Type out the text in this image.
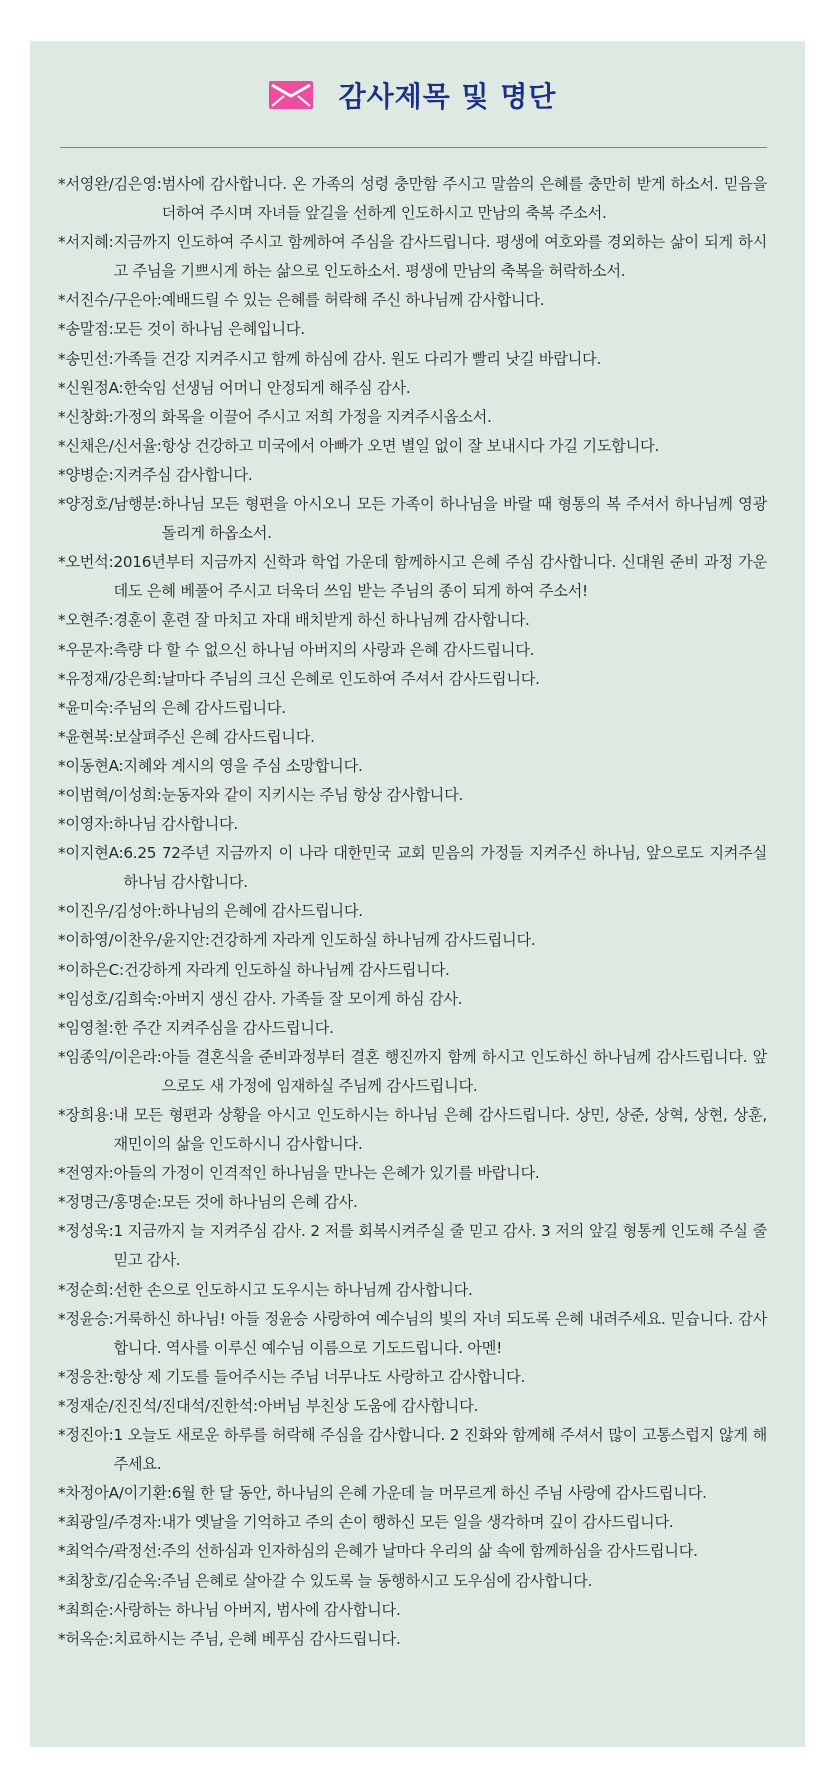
감사제목 및 명단
*서영완/김은영: 범사에 감사합니다. 온 가족의 성령 충만함 주시고 말씀의 은혜를 충만히 받게 하소서. 믿음을 더하여 주시며 자녀들 앞길을 선하게 인도하시고 만남의 축복 주소서.
*서지혜: 지금까지 인도하여 주시고 함께하여 주심을 감사드립니다. 평생에 여호와를 경외하는 삶이 되게 하시고 주님을 기쁘시게 하는 삶으로 인도하소서. 평생에 만남의 축복을 허락하소서.
*서진수/구은아: 예배드릴 수 있는 은혜를 허락해 주신 하나님께 감사합니다.
*송말점: 모든 것이 하나님 은혜입니다.
*송민선: 가족들 건강 지켜주시고 함께 하심에 감사. 원도 다리가 빨리 낫길 바랍니다.
*신원정A: 한숙임 선생님 어머니 안정되게 해주심 감사.
*신창화: 가정의 화목을 이끌어 주시고 저희 가정을 지켜주시옵소서.
*신채은/신서율: 항상 건강하고 미국에서 아빠가 오면 별일 없이 잘 보내시다 가길 기도합니다.
*양병순: 지켜주심 감사합니다.
*양정호/남행분: 하나님 모든 형편을 아시오니 모든 가족이 하나님을 바랄 때 형통의 복 주셔서 하나님께 영광 돌리게 하옵소서.
*오번석: 2016년부터 지금까지 신학과 학업 가운데 함께하시고 은혜 주심 감사합니다. 신대원 준비 과정 가운데도 은혜 베풀어 주시고 더욱더 쓰임 받는 주님의 종이 되게 하여 주소서!
*오현주: 경훈이 훈련 잘 마치고 자대 배치받게 하신 하나님께 감사합니다.
*우문자: 측량 다 할 수 없으신 하나님 아버지의 사랑과 은혜 감사드립니다.
*유정재/강은희: 날마다 주님의 크신 은혜로 인도하여 주셔서 감사드립니다.
*윤미숙: 주님의 은혜 감사드립니다.
*윤현복: 보살펴주신 은혜 감사드립니다.
*이동현A: 지혜와 계시의 영을 주심 소망합니다.
*이범혁/이성희: 눈동자와 같이 지키시는 주님 항상 감사합니다.
*이영자: 하나님 감사합니다.
*이지현A: 6.25 72주년 지금까지 이 나라 대한민국 교회 믿음의 가정들 지켜주신 하나님, 앞으로도 지켜주실 하나님 감사합니다.
*이진우/김성아: 하나님의 은혜에 감사드립니다.
*이하영/이찬우/윤지안: 건강하게 자라게 인도하실 하나님께 감사드립니다.
*이하은C: 건강하게 자라게 인도하실 하나님께 감사드립니다.
*임성호/김희숙: 아버지 생신 감사. 가족들 잘 모이게 하심 감사.
*임영철: 한 주간 지켜주심을 감사드립니다.
*임종익/이은라: 아들 결혼식을 준비과정부터 결혼 행진까지 함께 하시고 인도하신 하나님께 감사드립니다. 앞으로도 새 가정에 임재하실 주님께 감사드립니다.
*장희용: 내 모든 형편과 상황을 아시고 인도하시는 하나님 은혜 감사드립니다. 상민, 상준, 상혁, 상현, 상훈, 재민이의 삶을 인도하시니 감사합니다.
*전영자: 아들의 가정이 인격적인 하나님을 만나는 은혜가 있기를 바랍니다.
*정명근/홍명순: 모든 것에 하나님의 은혜 감사.
*정성욱: 1 지금까지 늘 지켜주심 감사. 2 저를 회복시켜주실 줄 믿고 감사. 3 저의 앞길 형통케 인도해 주실 줄 믿고 감사.
*정순희: 선한 손으로 인도하시고 도우시는 하나님께 감사합니다.
*정윤승: 거룩하신 하나님! 아들 정윤승 사랑하여 예수님의 빛의 자녀 되도록 은혜 내려주세요. 믿습니다. 감사합니다. 역사를 이루신 예수님 이름으로 기도드립니다. 아멘!
*정응찬: 항상 제 기도를 들어주시는 주님 너무나도 사랑하고 감사합니다.
*정재순/진진석/진대석/진한석: 아버님 부친상 도움에 감사합니다.
*정진아: 1 오늘도 새로운 하루를 허락해 주심을 감사합니다. 2 진화와 함께해 주셔서 많이 고통스럽지 않게 해주세요.
*차정아A/이기환: 6월 한 달 동안, 하나님의 은혜 가운데 늘 머무르게 하신 주님 사랑에 감사드립니다.
*최광일/주경자: 내가 옛날을 기억하고 주의 손이 행하신 모든 일을 생각하며 깊이 감사드립니다.
*최억수/곽정선: 주의 선하심과 인자하심의 은혜가 날마다 우리의 삶 속에 함께하심을 감사드립니다.
*최창호/김순옥: 주님 은혜로 살아갈 수 있도록 늘 동행하시고 도우심에 감사합니다.
*최희순: 사랑하는 하나님 아버지, 범사에 감사합니다.
*허옥순: 치료하시는 주님, 은혜 베푸심 감사드립니다.
